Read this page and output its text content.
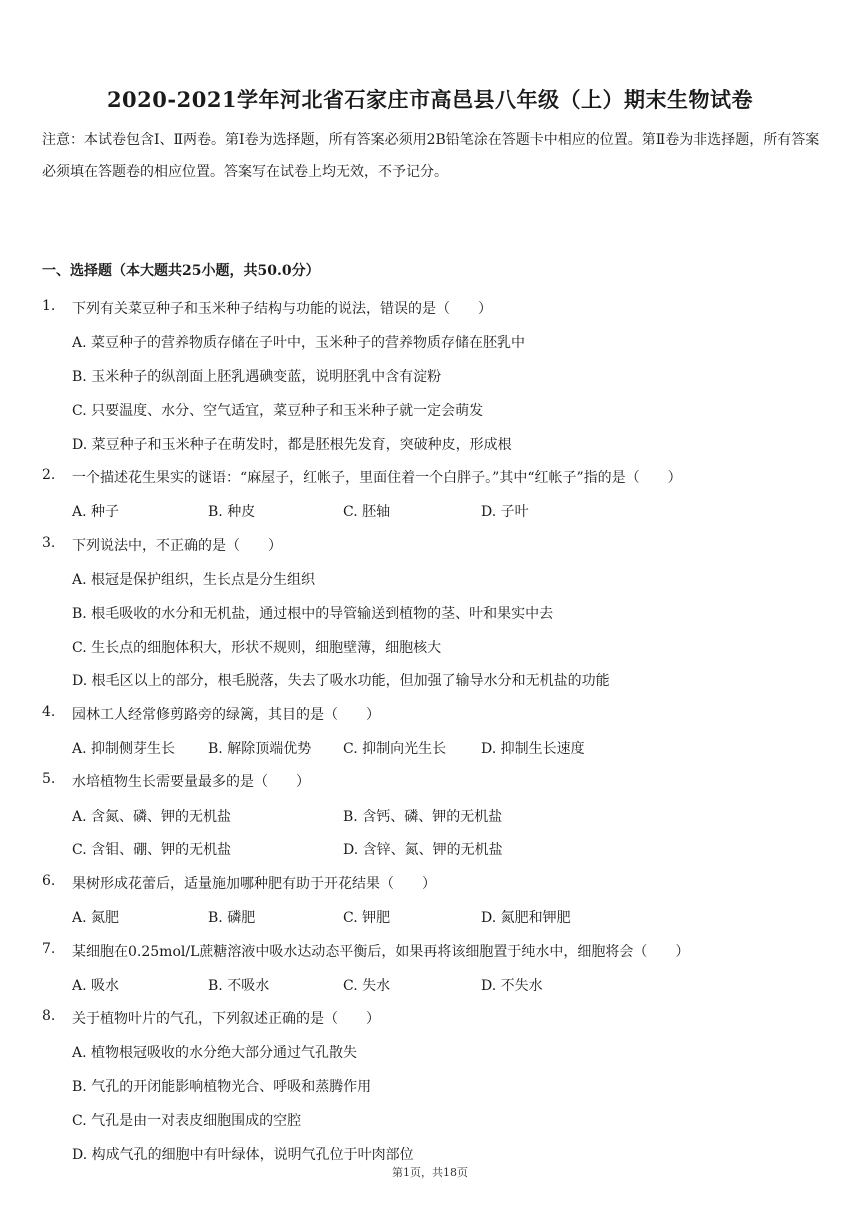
2020-2021学年河北省石家庄市高邑县八年级（上）期末生物试卷
注意：本试卷包含Ⅰ、Ⅱ两卷。第Ⅰ卷为选择题，所有答案必须用2B铅笔涂在答题卡中相应的位置。第Ⅱ卷为非选择题，所有答案必须填在答题卷的相应位置。答案写在试卷上均无效，不予记分。
一、选择题（本大题共25小题，共50.0分）
1. 下列有关菜豆种子和玉米种子结构与功能的说法，错误的是（　　）
A. 菜豆种子的营养物质存储在子叶中，玉米种子的营养物质存储在胚乳中
B. 玉米种子的纵剖面上胚乳遇碘变蓝，说明胚乳中含有淀粉
C. 只要温度、水分、空气适宜，菜豆种子和玉米种子就一定会萌发
D. 菜豆种子和玉米种子在萌发时，都是胚根先发育，突破种皮，形成根
2. 一个描述花生果实的谜语：“麻屋子，红帐子，里面住着一个白胖子。”其中“红帐子”指的是（　　）
A. 种子	B. 种皮	C. 胚轴	D. 子叶
3. 下列说法中，不正确的是（　　）
A. 根冠是保护组织，生长点是分生组织
B. 根毛吸收的水分和无机盐，通过根中的导管输送到植物的茎、叶和果实中去
C. 生长点的细胞体积大，形状不规则，细胞壁薄，细胞核大
D. 根毛区以上的部分，根毛脱落，失去了吸水功能，但加强了输导水分和无机盐的功能
4. 园林工人经常修剪路旁的绿篱，其目的是（　　）
A. 抑制侧芽生长 B. 解除顶端优势 C. 抑制向光生长 D. 抑制生长速度
5. 水培植物生长需要量最多的是（　　）
A. 含氮、磷、钾的无机盐	B. 含钙、磷、钾的无机盐
C. 含钼、硼、钾的无机盐	D. 含锌、氮、钾的无机盐
6. 果树形成花蕾后，适量施加哪种肥有助于开花结果（　　）
A. 氮肥	B. 磷肥	C. 钾肥	D. 氮肥和钾肥
7. 某细胞在0.25mol/L蔗糖溶液中吸水达动态平衡后，如果再将该细胞置于纯水中，细胞将会（　　）
A. 吸水	B. 不吸水	C. 失水	D. 不失水
8. 关于植物叶片的气孔，下列叙述正确的是（　　）
A. 植物根冠吸收的水分绝大部分通过气孔散失
B. 气孔的开闭能影响植物光合、呼吸和蒸腾作用
C. 气孔是由一对表皮细胞围成的空腔
D. 构成气孔的细胞中有叶绿体，说明气孔位于叶肉部位
第1页，共18页
